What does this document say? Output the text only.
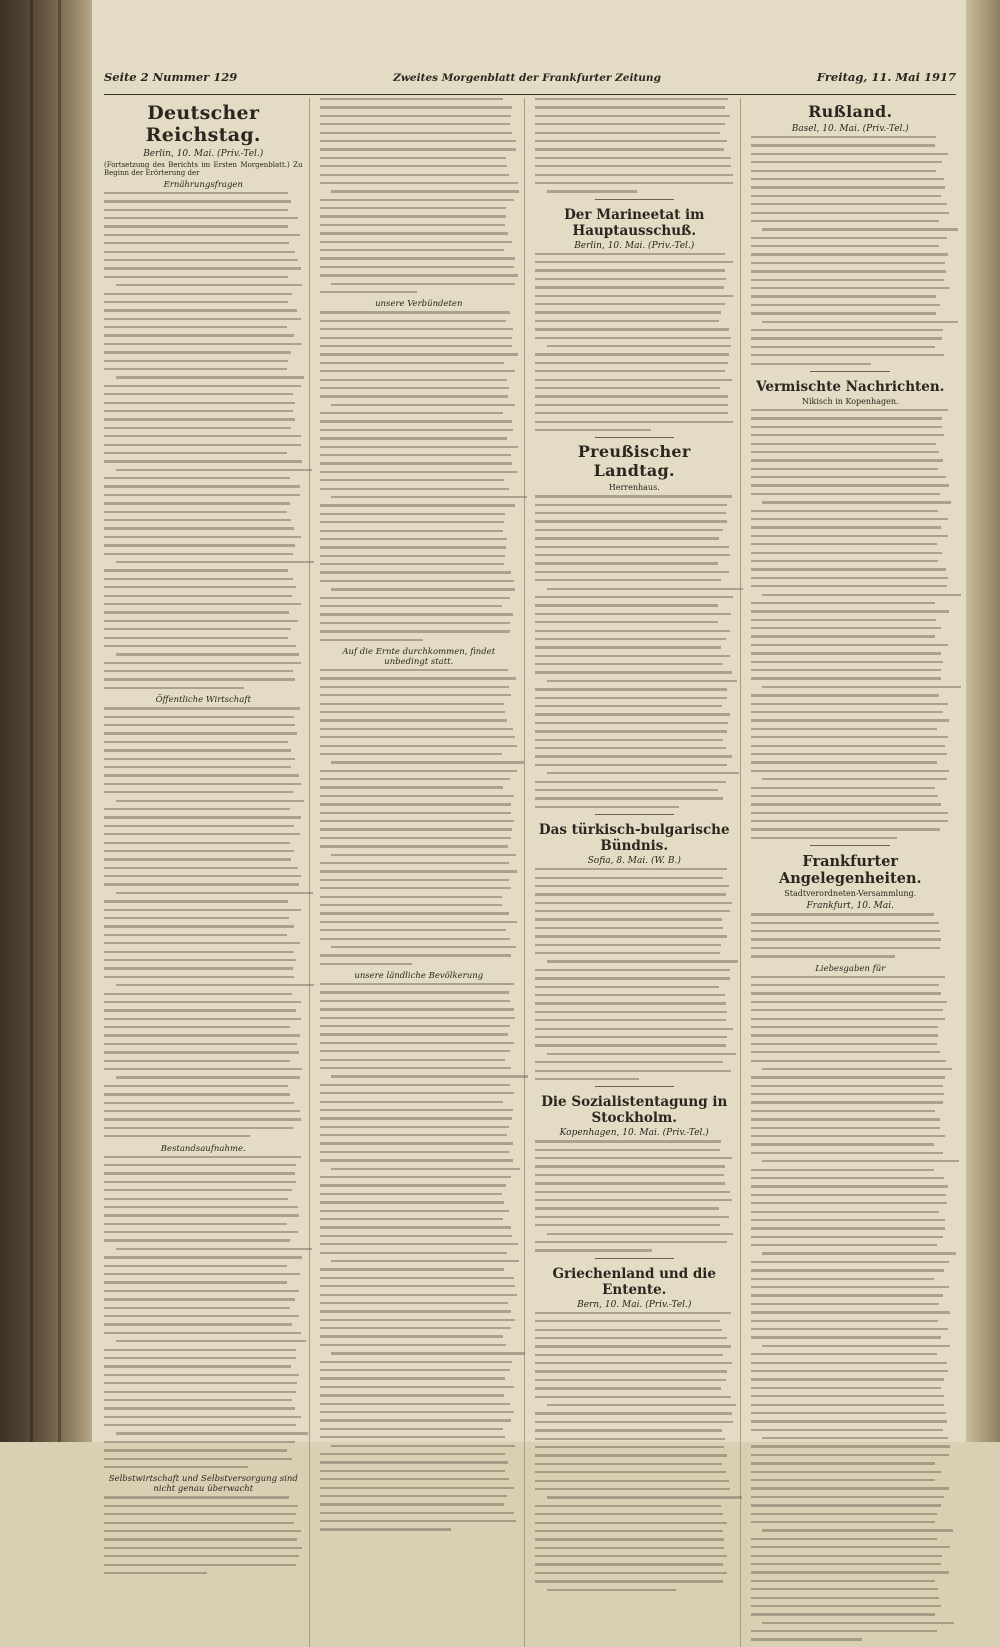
Seite 2 Nummer 129	Zweites Morgenblatt der Frankfurter Zeitung	Freitag, 11. Mai 1917
Deutscher Reichstag.
Berlin, 10. Mai. (Priv.-Tel.)
(Fortsetzung des Berichts im Ersten Morgenblatt.) Zu Beginn der Erörterung der
Ernährungsfragen
Öffentliche Wirtschaft
Bestandsaufnahme.
Selbstwirtschaft und Selbstversorgung sind nicht genau überwacht
unsere Verbündeten
Auf die Ernte durchkommen, findet unbedingt statt.
unsere ländliche Bevölkerung
Der Marineetat im Hauptausschuß.
Berlin, 10. Mai. (Priv.-Tel.)
Preußischer Landtag.
Herrenhaus.
Das türkisch-bulgarische Bündnis.
Sofia, 8. Mai. (W. B.)
Die Sozialistentagung in Stockholm.
Kopenhagen, 10. Mai. (Priv.-Tel.)
Griechenland und die Entente.
Bern, 10. Mai. (Priv.-Tel.)
Rußland.
Basel, 10. Mai. (Priv.-Tel.)
Vermischte Nachrichten.
Nikisch in Kopenhagen.
Frankfurter Angelegenheiten.
Stadtverordneten-Versammlung.
Frankfurt, 10. Mai.
Liebesgaben für
